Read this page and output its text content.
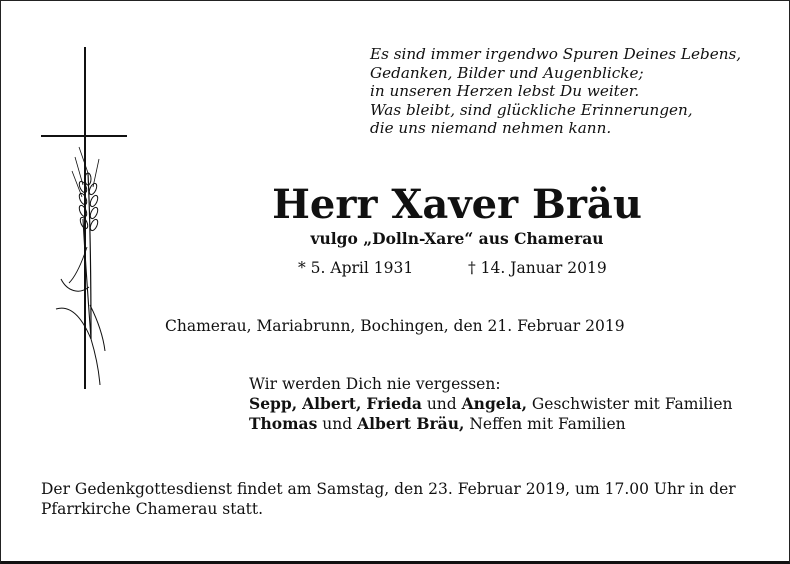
Es sind immer irgendwo Spuren Deines Lebens,
Gedanken, Bilder und Augenblicke;
in unseren Herzen lebst Du weiter.
Was bleibt, sind glückliche Erinnerungen,
die uns niemand nehmen kann.
Herr Xaver Bräu

vulgo „Dolln-Xare“ aus Chamerau

* 5. April 1931	† 14. Januar 2019

Chamerau, Mariabrunn, Bochingen, den 21. Februar 2019

Wir werden Dich nie vergessen:
Sepp, Albert, Frieda und Angela, Geschwister mit Familien
Thomas und Albert Bräu, Neffen mit Familien

Der Gedenkgottesdienst findet am Samstag, den 23. Februar 2019, um 17.00 Uhr in der Pfarrkirche Chamerau statt.
